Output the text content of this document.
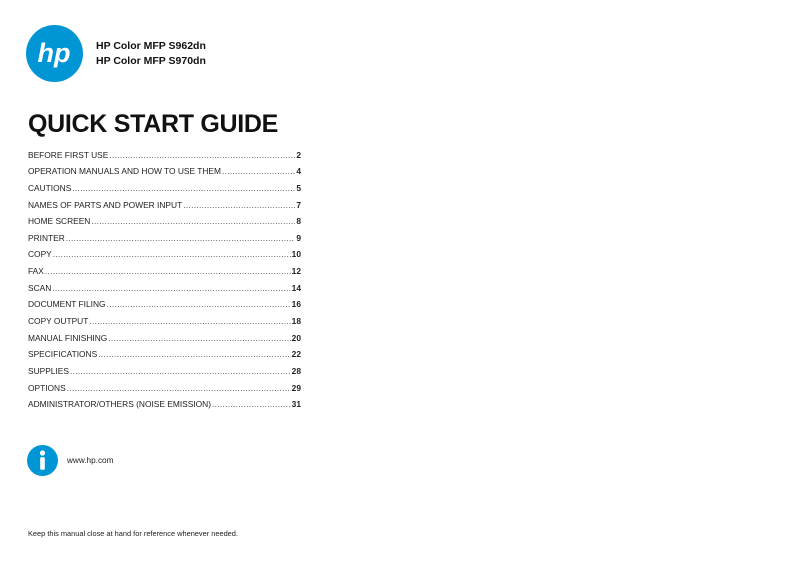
hp HP Color MFP S962dn
HP Color MFP S970dn
QUICK START GUIDE
BEFORE FIRST USE .....	2
OPERATION MANUALS AND HOW TO USE THEM .....	4
CAUTIONS .....	5
NAMES OF PARTS AND POWER INPUT .....	7
HOME SCREEN .....	8
PRINTER .....	9
COPY .....	10
FAX .....	12
SCAN .....	14
DOCUMENT FILING .....	16
COPY OUTPUT .....	18
MANUAL FINISHING .....	20
SPECIFICATIONS .....	22
SUPPLIES .....	28
OPTIONS .....	29
ADMINISTRATOR/OTHERS (NOISE EMISSION) .....	31
www.hp.com
Keep this manual close at hand for reference whenever needed.
